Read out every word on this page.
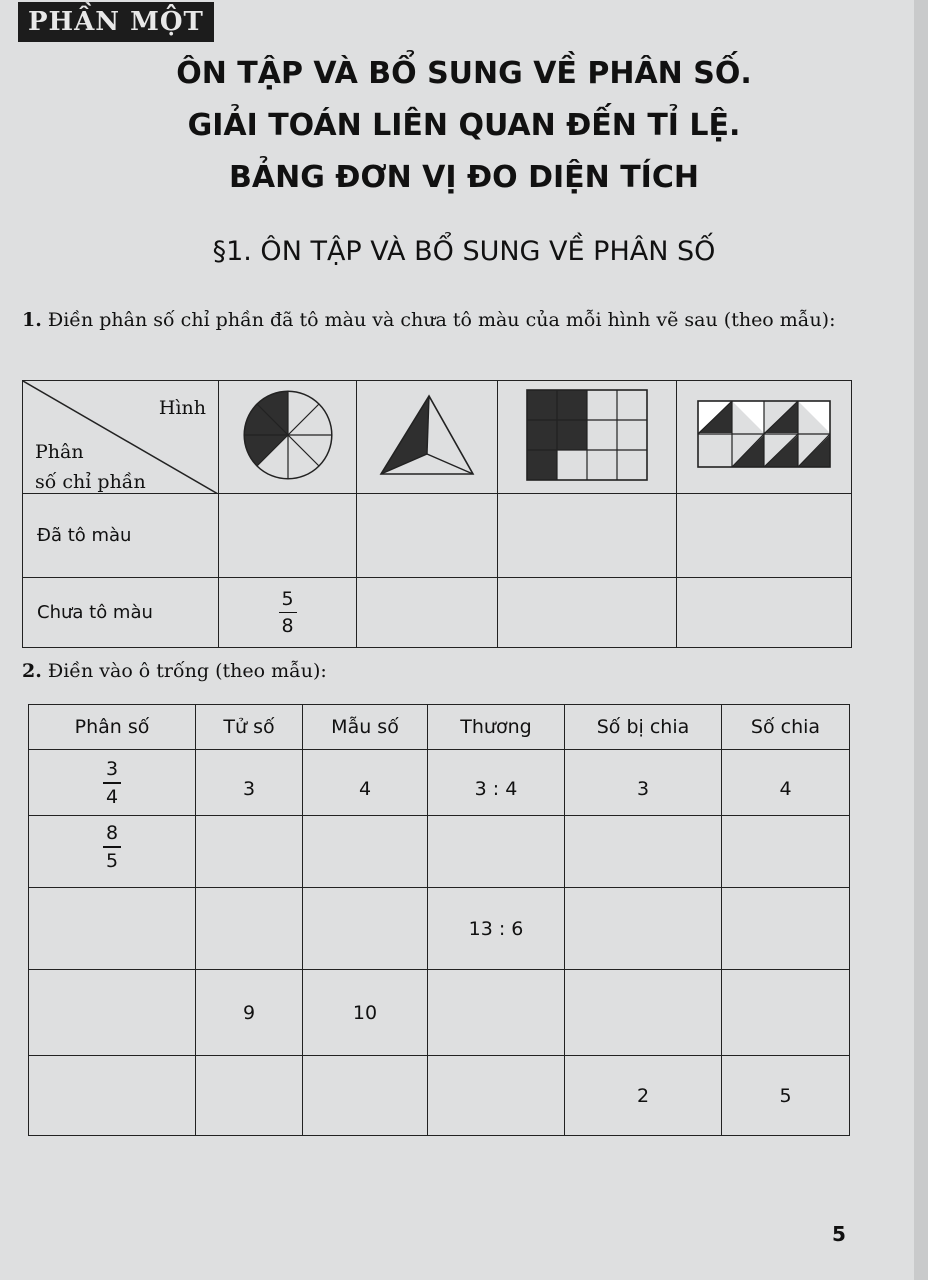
PHẦN MỘT
ÔN TẬP VÀ BỔ SUNG VỀ PHÂN SỐ.
GIẢI TOÁN LIÊN QUAN ĐẾN TỈ LỆ.
BẢNG ĐƠN VỊ ĐO DIỆN TÍCH
§1. ÔN TẬP VÀ BỔ SUNG VỀ PHÂN SỐ
1. Điền phân số chỉ phần đã tô màu và chưa tô màu của mỗi hình vẽ sau (theo mẫu):
Hình
Phân
số chỉ phần

Đã tô màu				
Chưa tô màu	$\frac{5}{8}$

2. Điền vào ô trống (theo mẫu):
Phân số	Tử số	Mẫu số	Thương	Số bị chia	Số chia

$\frac{3}{4}$	3	4	3 : 4	3	4

$\frac{8}{5}$

			13 : 6		
	9	10			
				2	5
5
